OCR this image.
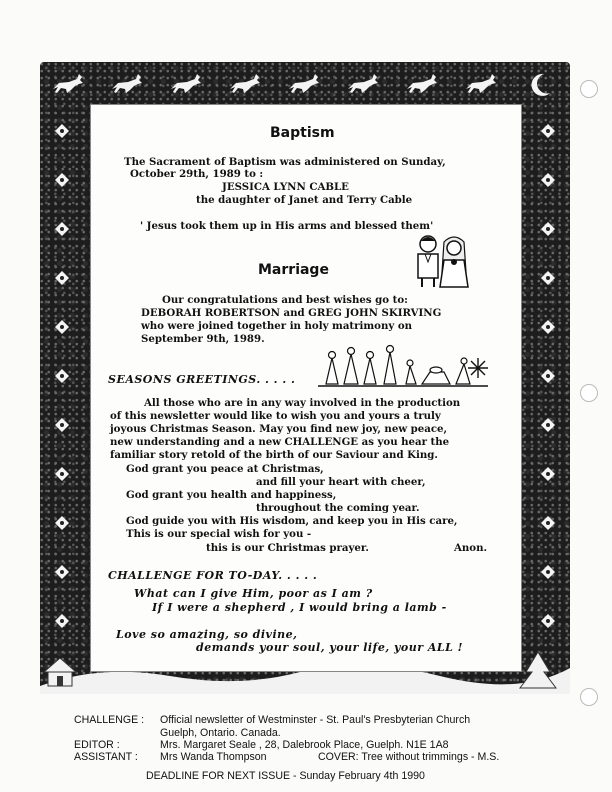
Baptism
The Sacrament of Baptism was administered on Sunday,
October 29th, 1989 to :
JESSICA LYNN CABLE
the daughter of Janet and Terry Cable
' Jesus took them up in His arms and blessed them'
Marriage
Our congratulations and best wishes go to:
DEBORAH ROBERTSON and GREG JOHN SKIRVING
who were joined together in holy matrimony on
September 9th, 1989.
SEASONS GREETINGS. . . . .
All those who are in any way involved in the production
of this newsletter would like to wish you and yours a truly
joyous Christmas Season. May you find new joy, new peace,
new understanding and a new CHALLENGE as you hear the
familiar story retold of the birth of our Saviour and King.
God grant you peace at Christmas,
and fill your heart with cheer,
God grant you health and happiness,
throughout the coming year.
God guide you with His wisdom, and keep you in His care,
This is our special wish for you -
this is our Christmas prayer.	Anon.
CHALLENGE FOR TO-DAY. . . . .
What can I give Him, poor as I am ?
If I were a shepherd , I would bring a lamb -
Love so amazing, so divine,
demands your soul, your life, your ALL !
CHALLENGE : Official newsletter of Westminster - St. Paul's Presbyterian Church
Guelph, Ontario. Canada.
EDITOR :	Mrs. Margaret Seale , 28, Dalebrook Place, Guelph. N1E 1A8
ASSISTANT : Mrs Wanda Thompson	COVER: Tree without trimmings - M.S.
DEADLINE FOR NEXT ISSUE - Sunday February 4th 1990
